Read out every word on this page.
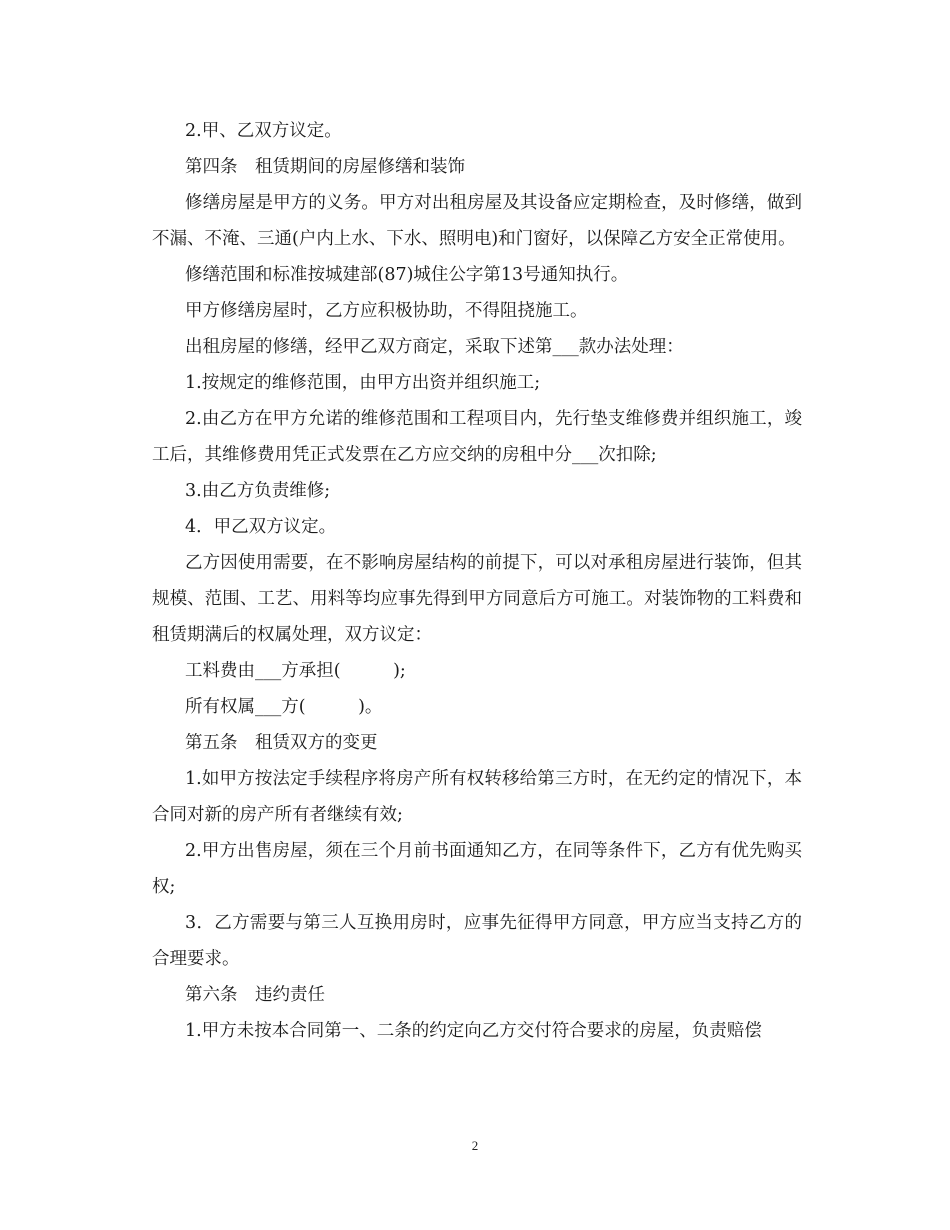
2.甲、乙双方议定。

第四条　租赁期间的房屋修缮和装饰

修缮房屋是甲方的义务。甲方对出租房屋及其设备应定期检查，及时修缮，做到不漏、不淹、三通(户内上水、下水、照明电)和门窗好，以保障乙方安全正常使用。

修缮范围和标准按城建部(87)城住公字第13号通知执行。

甲方修缮房屋时，乙方应积极协助，不得阻挠施工。

出租房屋的修缮，经甲乙双方商定，采取下述第___款办法处理：

1.按规定的维修范围，由甲方出资并组织施工;

2.由乙方在甲方允诺的维修范围和工程项目内，先行垫支维修费并组织施工，竣工后，其维修费用凭正式发票在乙方应交纳的房租中分___次扣除;

3.由乙方负责维修;

4．甲乙双方议定。

乙方因使用需要，在不影响房屋结构的前提下，可以对承租房屋进行装饰，但其规模、范围、工艺、用料等均应事先得到甲方同意后方可施工。对装饰物的工料费和租赁期满后的权属处理，双方议定：

工料费由___方承担(　　　);

所有权属___方(　　　)。

第五条　租赁双方的变更

1.如甲方按法定手续程序将房产所有权转移给第三方时，在无约定的情况下，本合同对新的房产所有者继续有效;

2.甲方出售房屋，须在三个月前书面通知乙方，在同等条件下，乙方有优先购买权;

3．乙方需要与第三人互换用房时，应事先征得甲方同意，甲方应当支持乙方的合理要求。

第六条　违约责任

1.甲方未按本合同第一、二条的约定向乙方交付符合要求的房屋，负责赔偿

2
